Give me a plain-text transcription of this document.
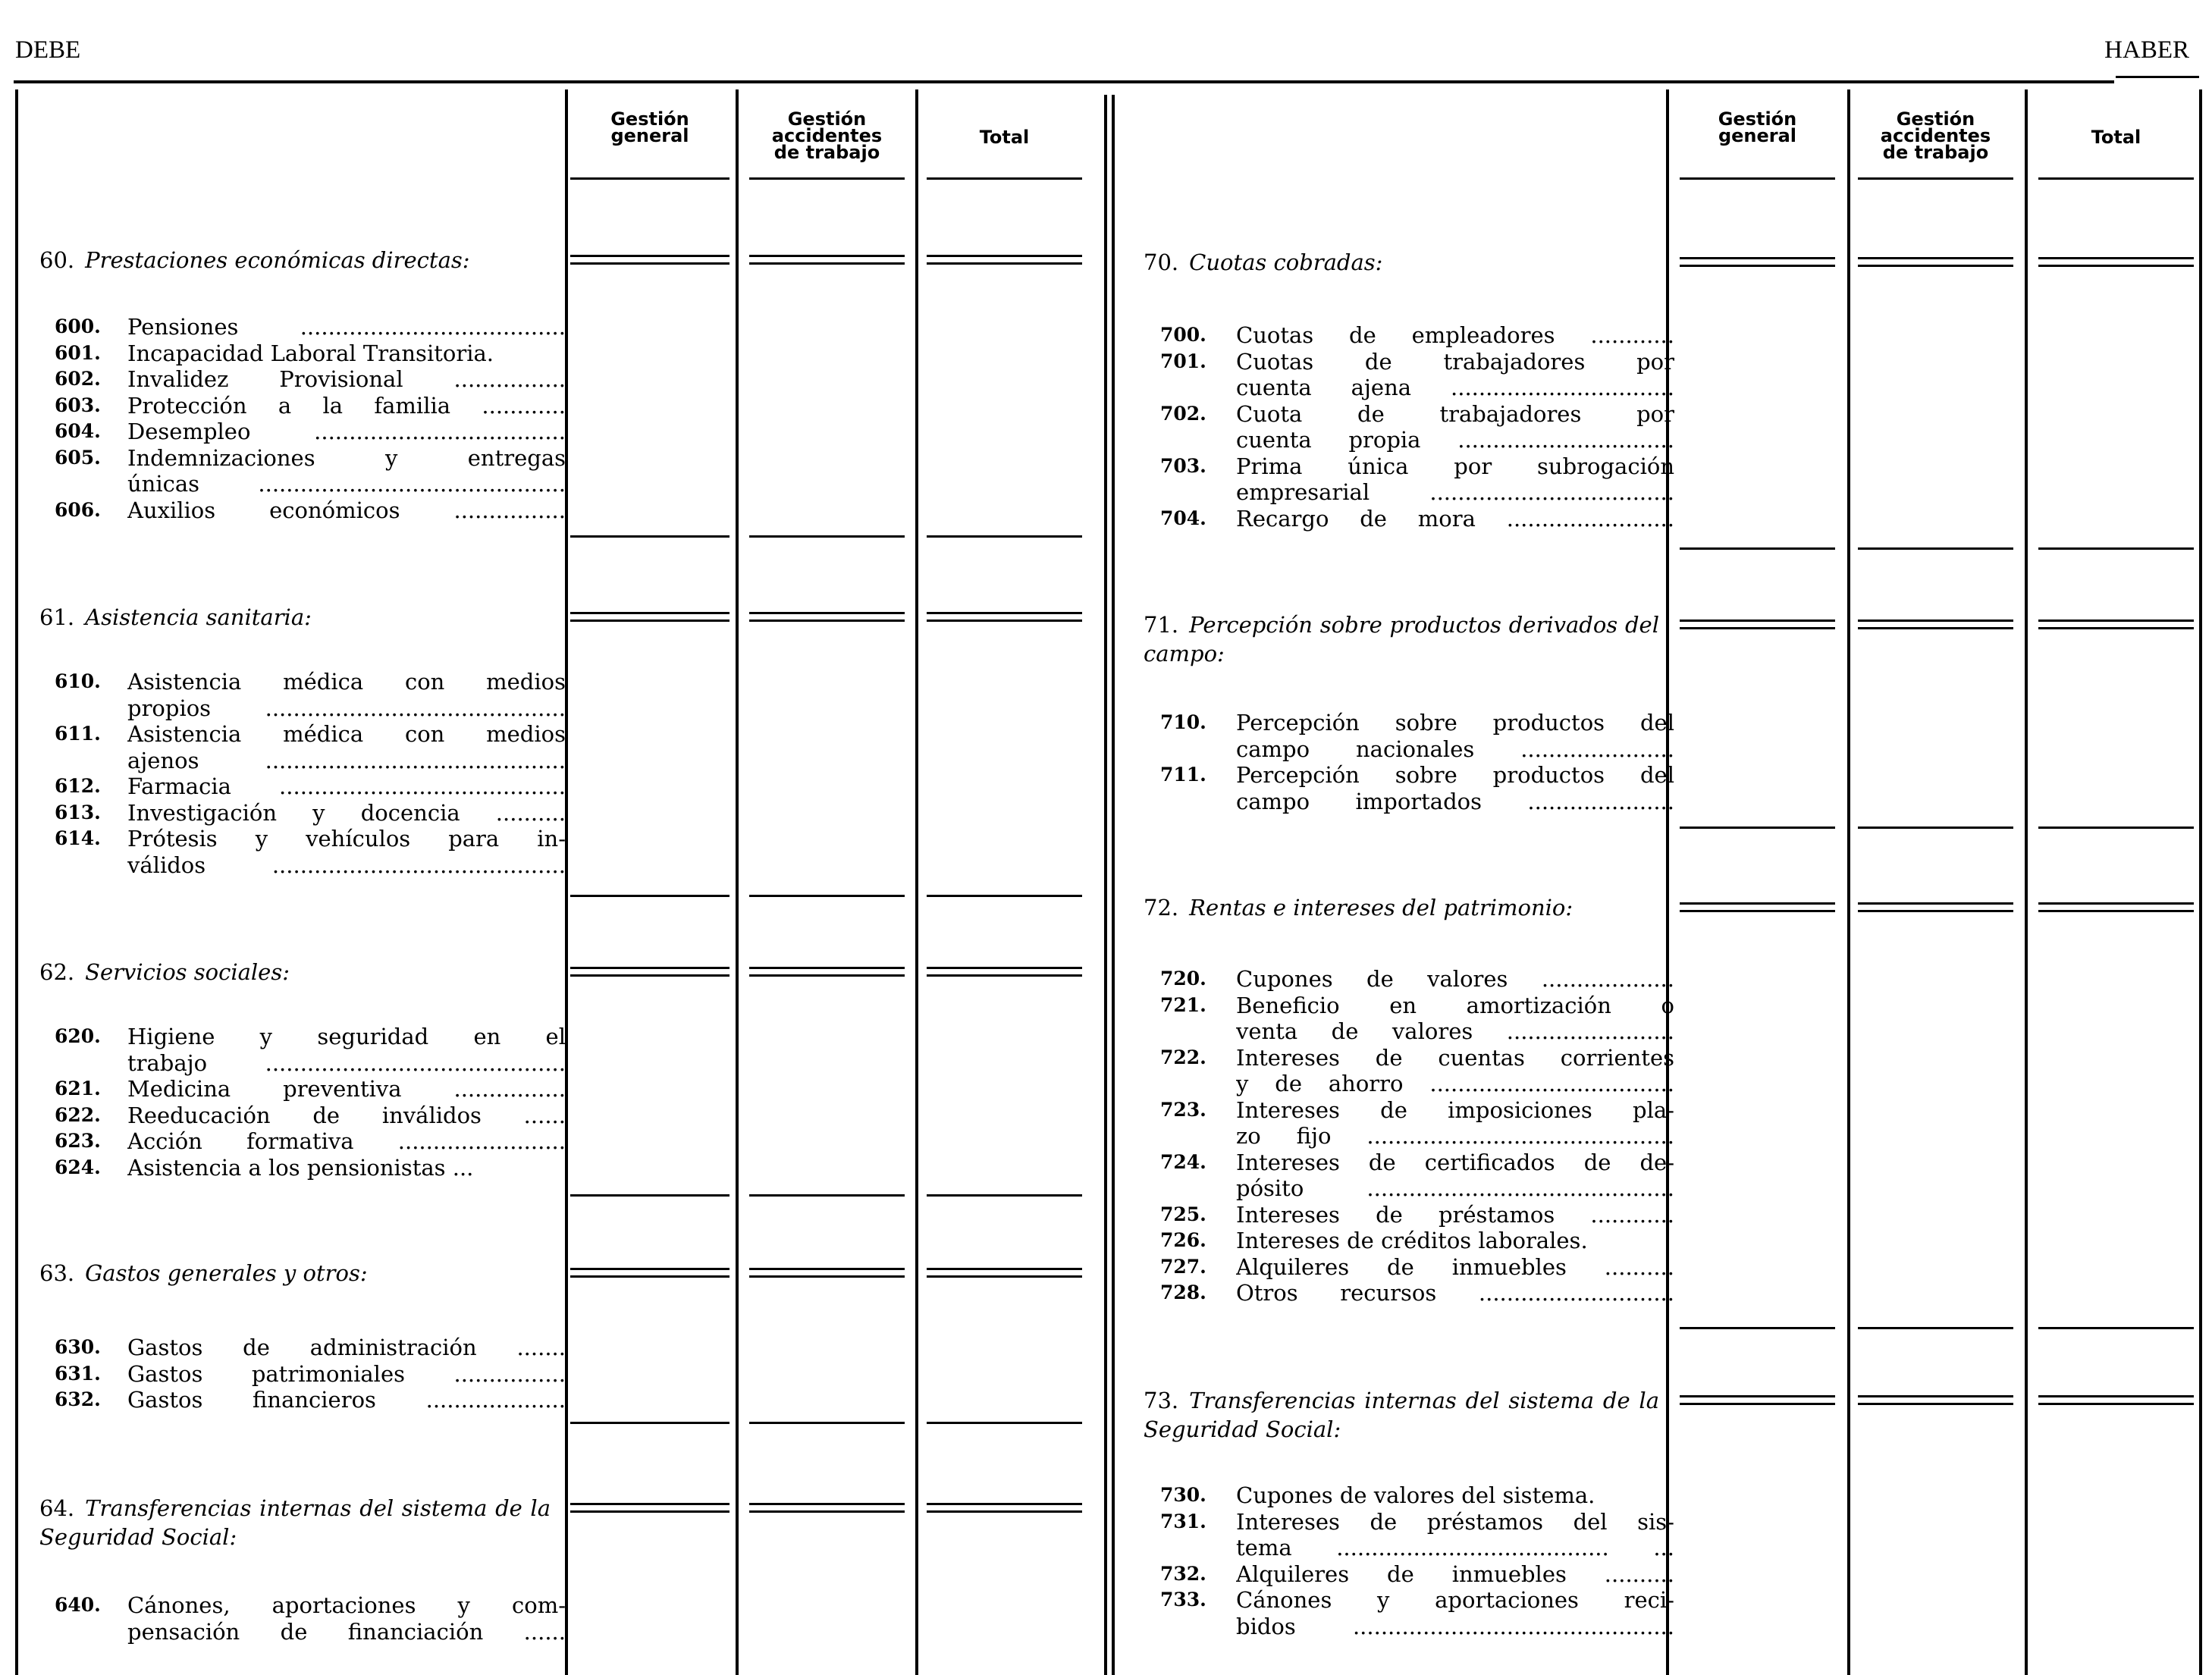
DEBE	HABER
Gestión general
Gestión accidentes de trabajo
Total
Gestión general
Gestión accidentes de trabajo
Total
60. Prestaciones económicas directas:
600. Pensiones ......................................
601. Incapacidad Laboral Transitoria.
602. Invalidez Provisional ................
603. Protección a la familia ............
604. Desempleo ....................................
605. Indemnizaciones y entregas
únicas ............................................
606. Auxilios económicos ................
61. Asistencia sanitaria:
610. Asistencia médica con medios
propios ...........................................
611. Asistencia médica con medios
ajenos ...........................................
612. Farmacia .........................................
613. Investigación y docencia ..........
614. Prótesis y vehículos para in-
válidos ..........................................
62. Servicios sociales:
620. Higiene y seguridad en el
trabajo ...........................................
621. Medicina preventiva ................
622. Reeducación de inválidos ......
623. Acción formativa ........................
624. Asistencia a los pensionistas ...
63. Gastos generales y otros:
630. Gastos de administración .......
631. Gastos patrimoniales ................
632. Gastos financieros ....................
64. Transferencias internas del sistema de la Seguridad Social:
640. Cánones, aportaciones y com-
pensación de financiación ......
70. Cuotas cobradas:
700. Cuotas de empleadores ............
701. Cuotas de trabajadores por
cuenta ajena ................................
702. Cuota de trabajadores por
cuenta propia ...............................
703. Prima única por subrogación
empresarial ...................................
704. Recargo de mora ........................
71. Percepción sobre productos derivados del campo:
710. Percepción sobre productos del
campo nacionales ......................
711. Percepción sobre productos del
campo importados .....................
72. Rentas e intereses del patrimonio:
720. Cupones de valores ...................
721. Beneficio en amortización o
venta de valores ........................
722. Intereses de cuentas corrientes
y de ahorro ...................................
723. Intereses de imposiciones pla-
zo fijo ............................................
724. Intereses de certificados de de-
pósito ............................................
725. Intereses de préstamos ............
726. Intereses de créditos laborales.
727. Alquileres de inmuebles ..........
728. Otros recursos ............................
73. Transferencias internas del sistema de la Seguridad Social:
730. Cupones de valores del sistema.
731. Intereses de préstamos del sis-
tema ....................................... ...
732. Alquileres de inmuebles ..........
733. Cánones y aportaciones reci-
bidos ..............................................
